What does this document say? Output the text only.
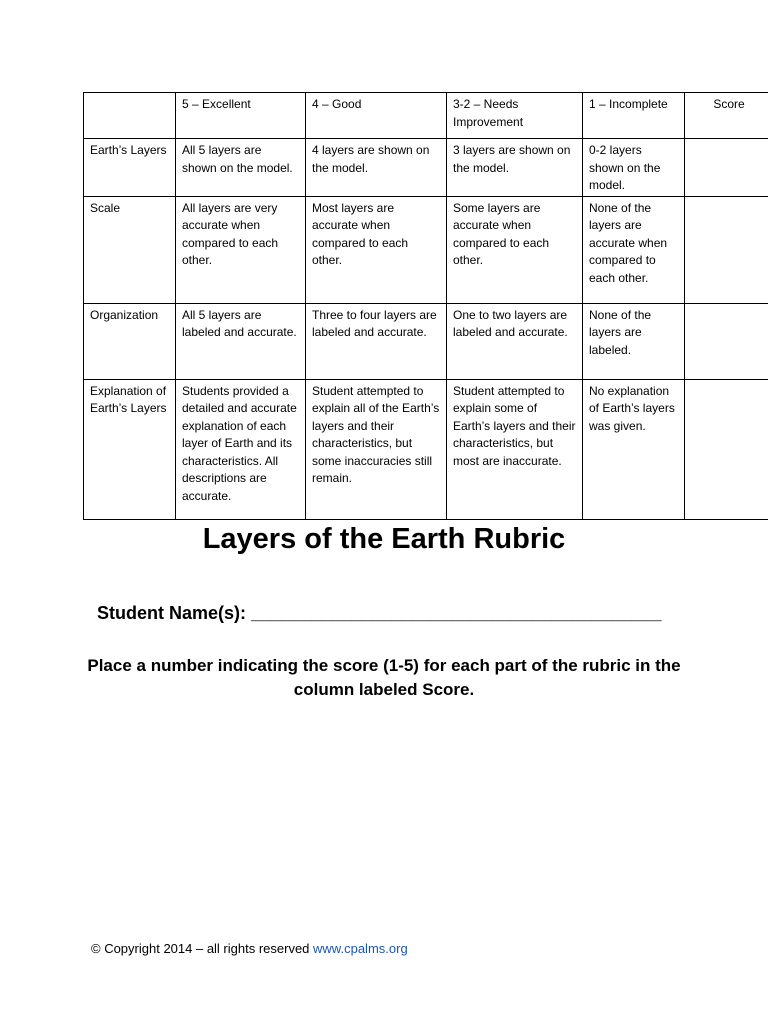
	5 – Excellent	4 – Good	3-2 – Needs Improvement	1 – Incomplete	Score
Earth’s Layers	All 5 layers are shown on the model.	4 layers are shown on the model.	3 layers are shown on the model.	0-2 layers shown on the model.	
Scale	All layers are very accurate when compared to each other.	Most layers are accurate when compared to each other.	Some layers are accurate when compared to each other.	None of the layers are accurate when compared to each other.	
Organization	All 5 layers are labeled and accurate.	Three to four layers are labeled and accurate.	One to two layers are labeled and accurate.	None of the layers are labeled.	
Explanation of Earth’s Layers	Students provided a detailed and accurate explanation of each layer of Earth and its characteristics. All descriptions are accurate.	Student attempted to explain all of the Earth’s layers and their characteristics, but some inaccuracies still remain.	Student attempted to explain some of Earth’s layers and their characteristics, but most are inaccurate.	No explanation of Earth’s layers was given.	
Layers of the Earth Rubric

Student Name(s): _________________________________________

Place a number indicating the score (1-5) for each part of the rubric in the column labeled Score.

© Copyright 2014 – all rights reserved www.cpalms.org
